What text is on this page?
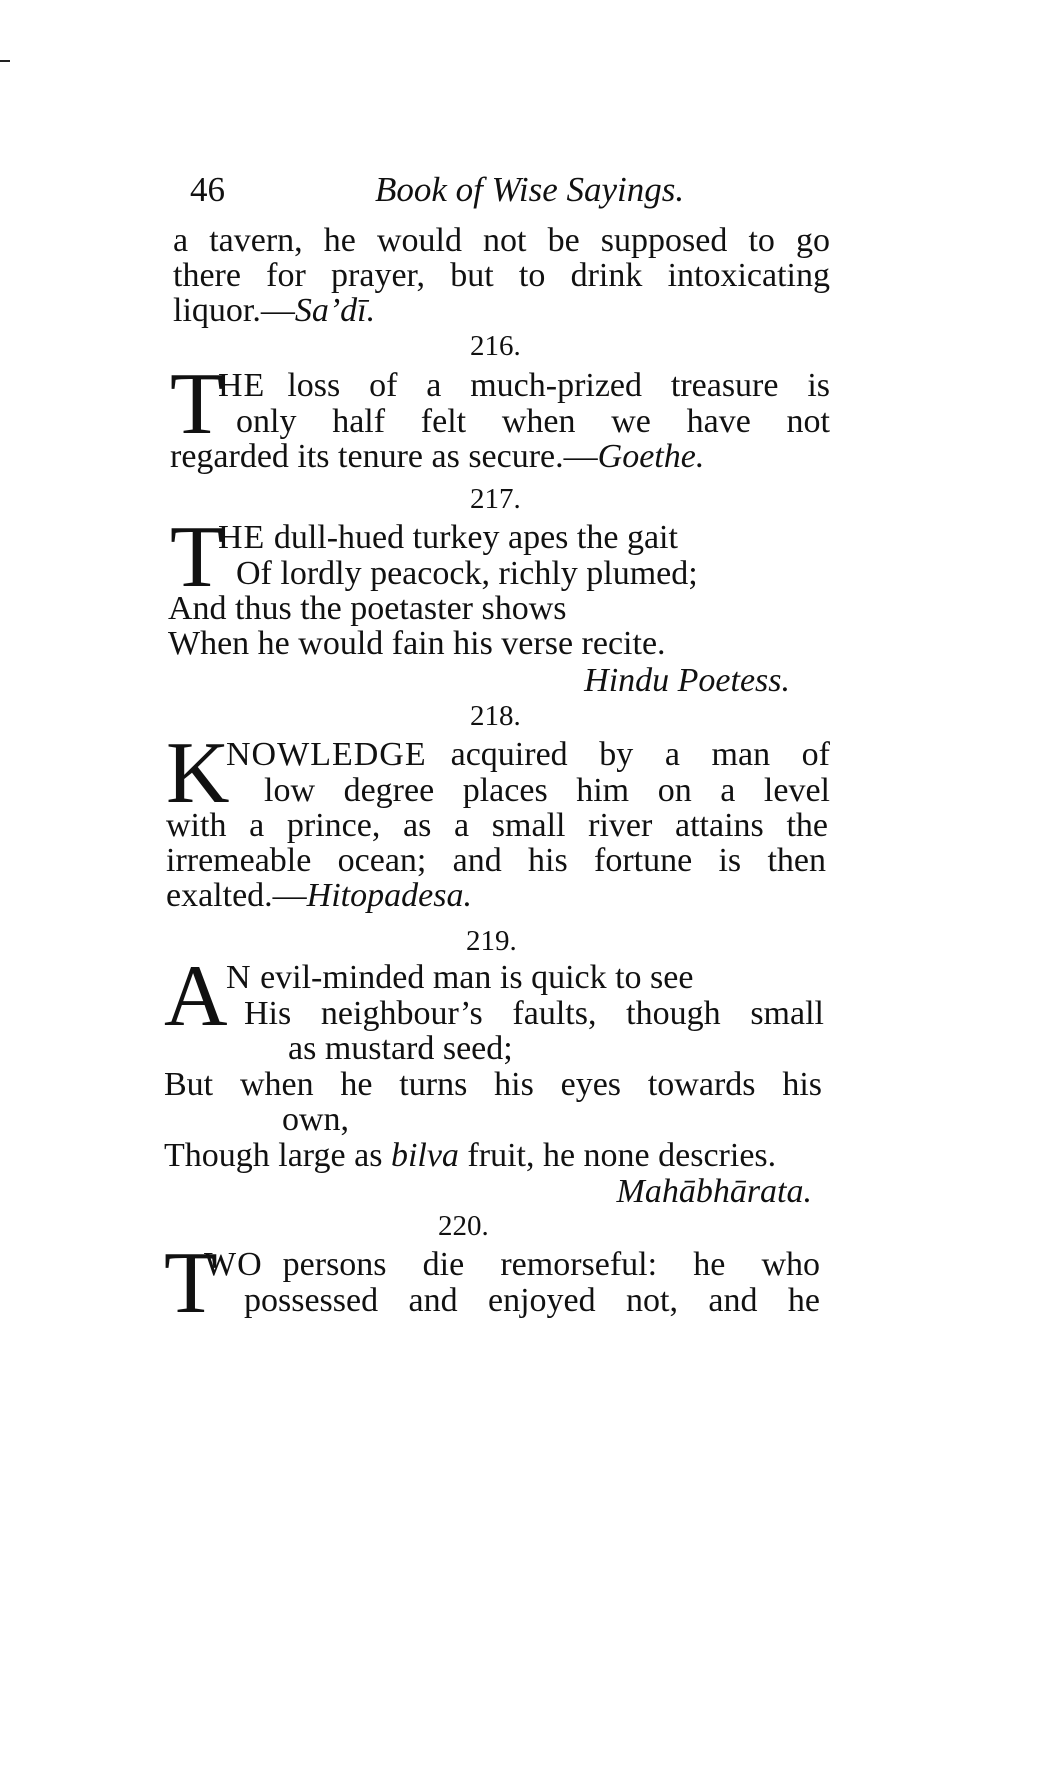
46	Book of Wise Sayings.
a tavern, he would not be supposed to go
there for prayer, but to drink intoxicating
liquor.—Sa’dī.
216.
T
HE loss of a much-prized treasure is
only half felt when we have not
regarded its tenure as secure.—Goethe.
217.
T
HE dull-hued turkey apes the gait
Of lordly peacock, richly plumed;
And thus the poetaster shows
When he would fain his verse recite.
Hindu Poetess.
218.
K
NOWLEDGE acquired by a man of
low degree places him on a level
with a prince, as a small river attains the
irremeable ocean; and his fortune is then
exalted.—Hitopadesa.
219.
A
N evil-minded man is quick to see
His neighbour’s faults, though small
as mustard seed;
But when he turns his eyes towards his
own,
Though large as bilva fruit, he none descries.
Mahābhārata.
220.
T
WO persons die remorseful: he who
possessed and enjoyed not, and he
